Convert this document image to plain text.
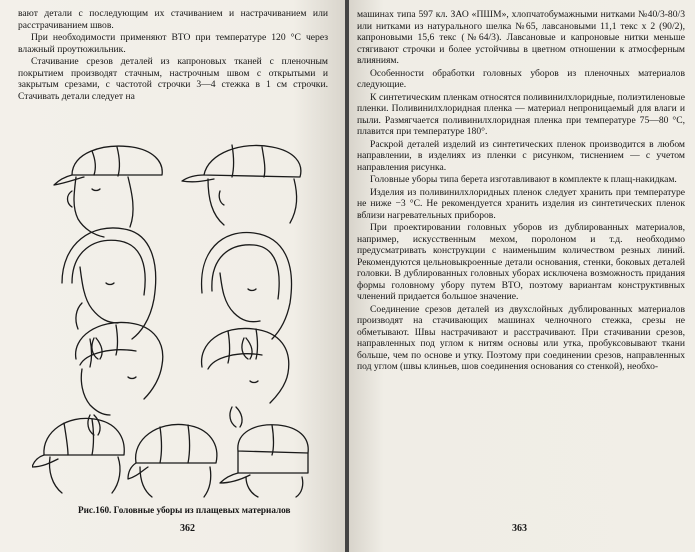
вают детали с последующим их стачиванием и настрачиванием или расстрачиванием швов.

При необходимости применяют ВТО при температуре 120 °С через влажный проутюжильник.

Стачивание срезов деталей из капроновых тканей с пленочным покрытием производят стачным, настрочным швом с открытыми и закрытым срезами, с частотой строчки 3—4 стежка в 1 см строчки. Стачивать детали следует на

Рис.160. Головные уборы из плащевых материалов
362

машинах типа 597 кл. ЗАО «ПШМ», хлопчатобумажными нитками №40/3-80/3 или нитками из натурального шелка №65, лавсановыми 11,1 текс x 2 (90/2), капроновыми 15,6 текс (№64/3). Лавсановые и капроновые нитки меньше стягивают строчки и более устойчивы в цветном отношении к атмосферным влияниям.

Особенности обработки головных уборов из пленочных материалов следующие.

К синтетическим пленкам относятся поливинилхлоридные, полиэтиленовые пленки. Поливинилхлоридная пленка — материал непроницаемый для влаги и пыли. Размягчается поливинилхлоридная пленка при температуре 75—80 °С, плавится при температуре 180°.

Раскрой деталей изделий из синтетических пленок производится в любом направлении, в изделиях из пленки с рисунком, тиснением — с учетом направления рисунка.

Головные уборы типа берета изготавливают в комплекте к плащ-накидкам.

Изделия из поливинилхлоридных пленок следует хранить при температуре не ниже −3 °С. Не рекомендуется хранить изделия из синтетических пленок вблизи нагревательных приборов.

При проектировании головных уборов из дублированных материалов, например, искусственным мехом, поролоном и т.д. необходимо предусматривать конструкции с наименьшим количеством резных линий. Рекомендуются цельновыкроенные детали основания, стенки, боковых деталей головки. В дублированных головных уборах исключена возможность придания формы головному убору путем ВТО, поэтому вариантам конструктивных членений придается большое значение.

Соединение срезов деталей из двухслойных дублированных материалов производят на стачивающих машинах челночного стежка, срезы не обметывают. Швы настрачивают и расстрачивают. При стачивании срезов, направленных под углом к нитям основы или утка, пробуксовывают ткани больше, чем по основе и утку. Поэтому при соединении срезов, направленных под углом (швы клиньев, шов соединения основания со стенкой), необхо-

363
